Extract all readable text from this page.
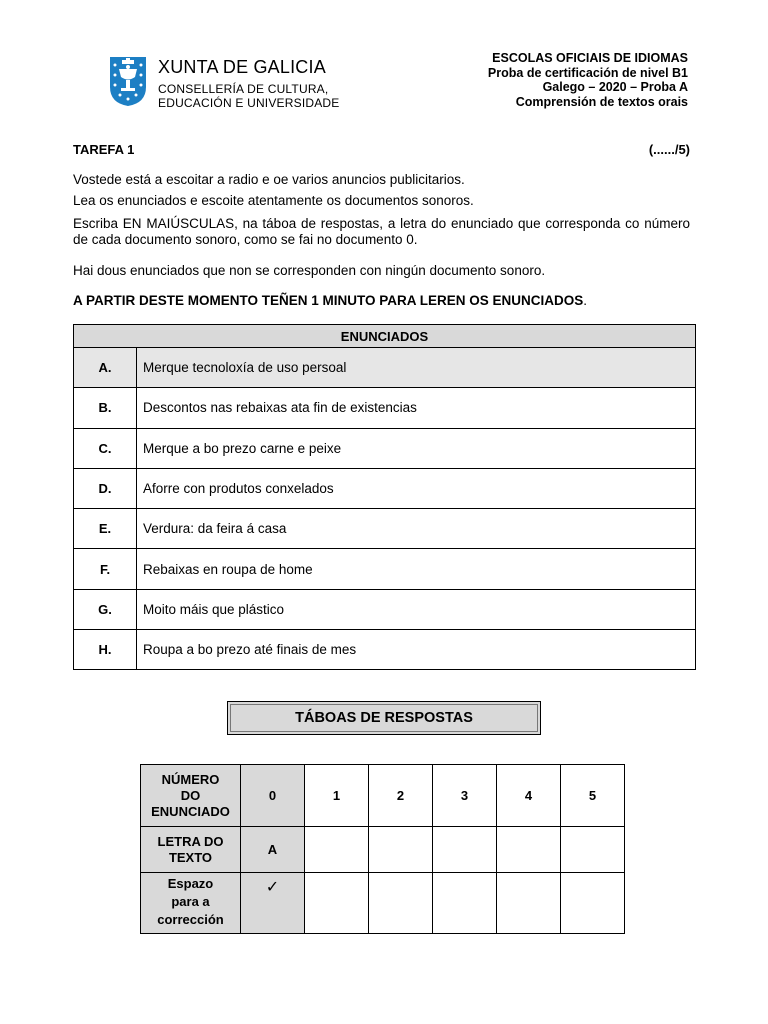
XUNTA DE GALICIA
CONSELLERÍA DE CULTURA,
EDUCACIÓN E UNIVERSIDADE
ESCOLAS OFICIAIS DE IDIOMAS
Proba de certificación de nivel B1
Galego – 2020 – Proba A
Comprensión de textos orais
TAREFA 1	(....../5)
Vostede está a escoitar a radio e oe varios anuncios publicitarios.
Lea os enunciados e escoite atentamente os documentos sonoros.
Escriba EN MAIÚSCULAS, na táboa de respostas, a letra do enunciado que corresponda co número de cada documento sonoro, como se fai no documento 0.
Hai dous enunciados que non se corresponden con ningún documento sonoro.
A PARTIR DESTE MOMENTO TEÑEN 1 MINUTO PARA LEREN OS ENUNCIADOS.
ENUNCIADOS	
A.	Merque tecnoloxía de uso persoal
B.	Descontos nas rebaixas ata fin de existencias
C.	Merque a bo prezo carne e peixe
D.	Aforre con produtos conxelados
E.	Verdura: da feira á casa
F.	Rebaixas en roupa de home
G.	Moito máis que plástico
H.	Roupa a bo prezo até finais de mes
TÁBOAS DE RESPOSTAS
NÚMERO
DO
ENUNCIADO	0	1	2	3	4	5

LETRA DO
TEXTO	A					

Espazo
para a
corrección	✓					
